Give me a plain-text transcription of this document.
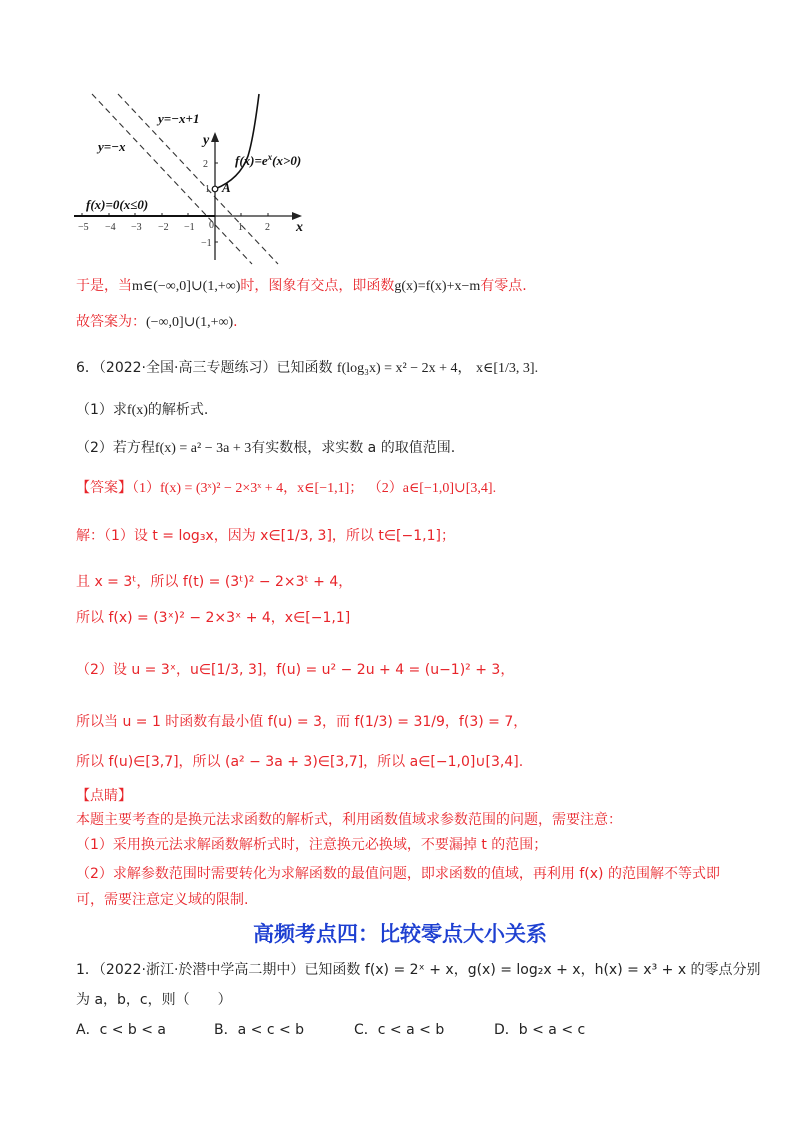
−5 −4 −3 −2 −1 0 1 2
2
1
−1
y=−x+1
y=−x	y
x
A
$f(x)=e^x(x>0)$
f(x)=0(x≤0)
于是，当m∈(−∞,0]∪(1,+∞)时，图象有交点，即函数g(x)=f(x)+x−m有零点.
故答案为：(−∞,0]∪(1,+∞).
6．（2022·全国·高三专题练习）已知函数 f(log₃x) = x² − 2x + 4， x∈[1/3, 3].
（1）求f(x)的解析式.
（2）若方程f(x) = a² − 3a + 3有实数根，求实数 a 的取值范围.
【答案】（1）f(x) = (3ˣ)² − 2×3ˣ + 4，x∈[−1,1]； （2）a∈[−1,0]∪[3,4].
解：（1）设 t = log₃x，因为 x∈[1/3, 3]，所以 t∈[−1,1]；
且 x = 3ᵗ，所以 f(t) = (3ᵗ)² − 2×3ᵗ + 4，
所以 f(x) = (3ˣ)² − 2×3ˣ + 4，x∈[−1,1]
（2）设 u = 3ˣ，u∈[1/3, 3]，f(u) = u² − 2u + 4 = (u−1)² + 3，
所以当 u = 1 时函数有最小值 f(u) = 3，而 f(1/3) = 31/9，f(3) = 7，
所以 f(u)∈[3,7]，所以 (a² − 3a + 3)∈[3,7]，所以 a∈[−1,0]∪[3,4].
【点睛】
本题主要考查的是换元法求函数的解析式，利用函数值域求参数范围的问题，需要注意：
（1）采用换元法求解函数解析式时，注意换元必换域，不要漏掉 t 的范围；
（2）求解参数范围时需要转化为求解函数的最值问题，即求函数的值域，再利用 f(x) 的范围解不等式即
可，需要注意定义域的限制.
高频考点四：比较零点大小关系
1．（2022·浙江·於潜中学高二期中）已知函数 f(x) = 2ˣ + x，g(x) = log₂x + x，h(x) = x³ + x 的零点分别
为 a，b，c，则（　　）
A．c < b < a	B．a < c < b	C．c < a < b	D．b < a < c
